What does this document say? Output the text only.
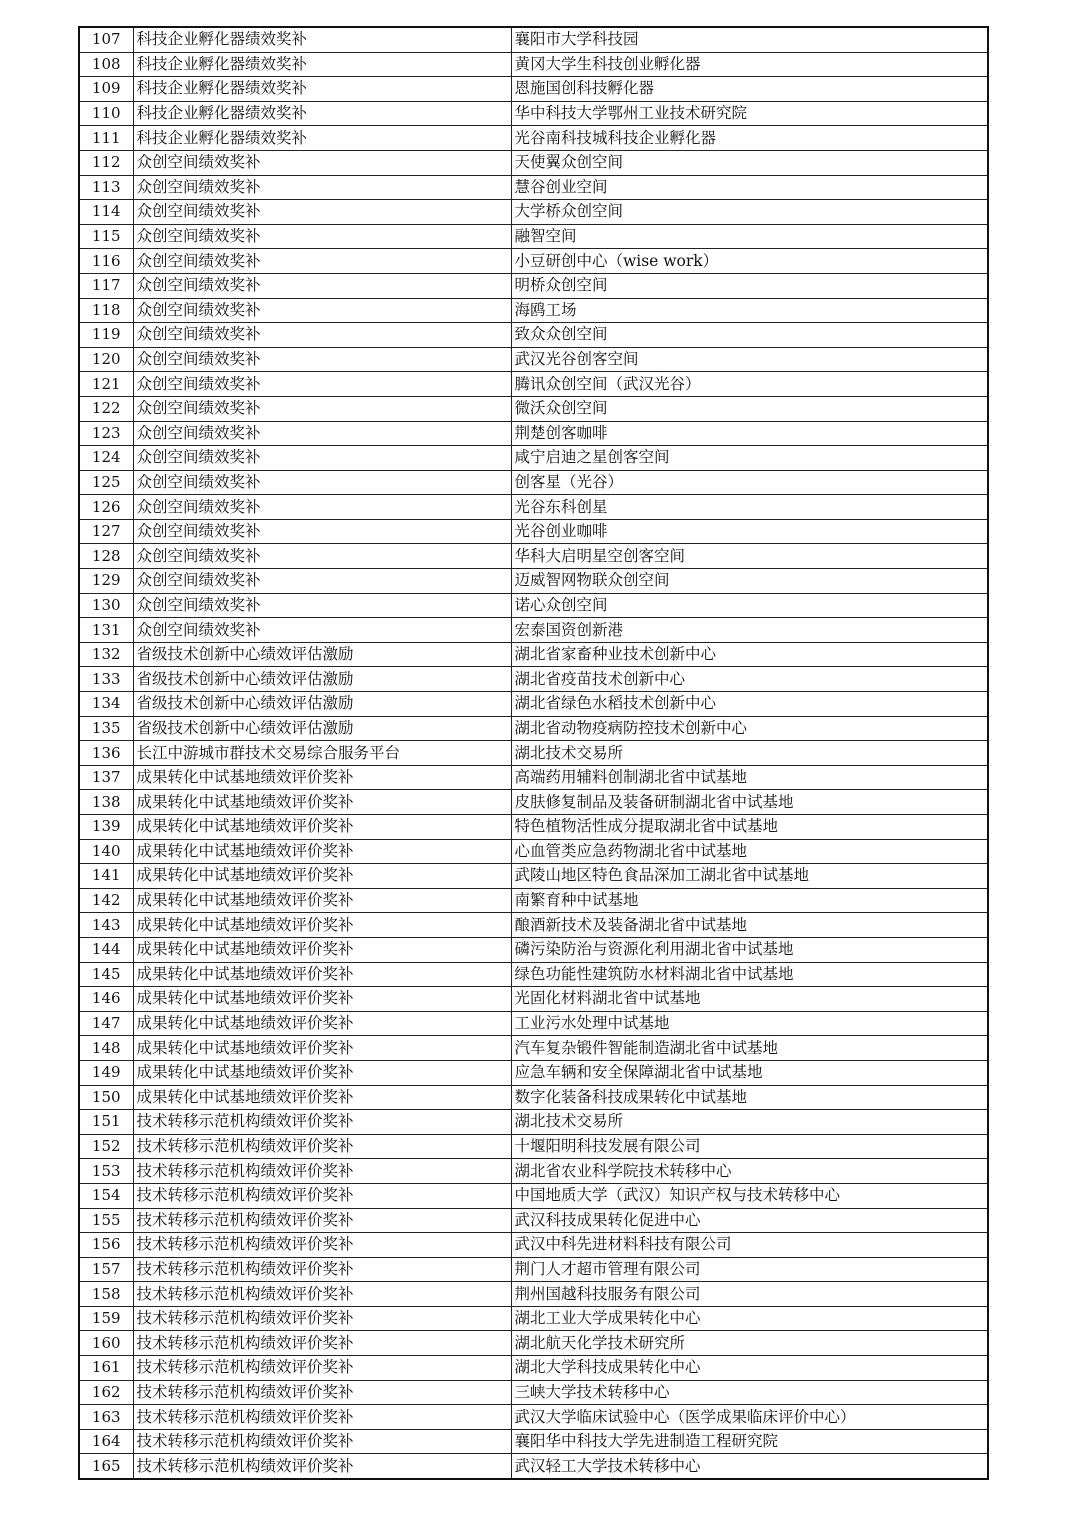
107	科技企业孵化器绩效奖补	襄阳市大学科技园
108	科技企业孵化器绩效奖补	黄冈大学生科技创业孵化器
109	科技企业孵化器绩效奖补	恩施国创科技孵化器
110	科技企业孵化器绩效奖补	华中科技大学鄂州工业技术研究院
111	科技企业孵化器绩效奖补	光谷南科技城科技企业孵化器
112	众创空间绩效奖补	天使翼众创空间
113	众创空间绩效奖补	慧谷创业空间
114	众创空间绩效奖补	大学桥众创空间
115	众创空间绩效奖补	融智空间
116	众创空间绩效奖补	小豆研创中心（wise work）
117	众创空间绩效奖补	明桥众创空间
118	众创空间绩效奖补	海鸥工场
119	众创空间绩效奖补	致众众创空间
120	众创空间绩效奖补	武汉光谷创客空间
121	众创空间绩效奖补	腾讯众创空间（武汉光谷）
122	众创空间绩效奖补	微沃众创空间
123	众创空间绩效奖补	荆楚创客咖啡
124	众创空间绩效奖补	咸宁启迪之星创客空间
125	众创空间绩效奖补	创客星（光谷）
126	众创空间绩效奖补	光谷东科创星
127	众创空间绩效奖补	光谷创业咖啡
128	众创空间绩效奖补	华科大启明星空创客空间
129	众创空间绩效奖补	迈威智网物联众创空间
130	众创空间绩效奖补	诺心众创空间
131	众创空间绩效奖补	宏泰国资创新港
132	省级技术创新中心绩效评估激励	湖北省家畜种业技术创新中心
133	省级技术创新中心绩效评估激励	湖北省疫苗技术创新中心
134	省级技术创新中心绩效评估激励	湖北省绿色水稻技术创新中心
135	省级技术创新中心绩效评估激励	湖北省动物疫病防控技术创新中心
136	长江中游城市群技术交易综合服务平台	湖北技术交易所
137	成果转化中试基地绩效评价奖补	高端药用辅料创制湖北省中试基地
138	成果转化中试基地绩效评价奖补	皮肤修复制品及装备研制湖北省中试基地
139	成果转化中试基地绩效评价奖补	特色植物活性成分提取湖北省中试基地
140	成果转化中试基地绩效评价奖补	心血管类应急药物湖北省中试基地
141	成果转化中试基地绩效评价奖补	武陵山地区特色食品深加工湖北省中试基地
142	成果转化中试基地绩效评价奖补	南繁育种中试基地
143	成果转化中试基地绩效评价奖补	酿酒新技术及装备湖北省中试基地
144	成果转化中试基地绩效评价奖补	磷污染防治与资源化利用湖北省中试基地
145	成果转化中试基地绩效评价奖补	绿色功能性建筑防水材料湖北省中试基地
146	成果转化中试基地绩效评价奖补	光固化材料湖北省中试基地
147	成果转化中试基地绩效评价奖补	工业污水处理中试基地
148	成果转化中试基地绩效评价奖补	汽车复杂锻件智能制造湖北省中试基地
149	成果转化中试基地绩效评价奖补	应急车辆和安全保障湖北省中试基地
150	成果转化中试基地绩效评价奖补	数字化装备科技成果转化中试基地
151	技术转移示范机构绩效评价奖补	湖北技术交易所
152	技术转移示范机构绩效评价奖补	十堰阳明科技发展有限公司
153	技术转移示范机构绩效评价奖补	湖北省农业科学院技术转移中心
154	技术转移示范机构绩效评价奖补	中国地质大学（武汉）知识产权与技术转移中心
155	技术转移示范机构绩效评价奖补	武汉科技成果转化促进中心
156	技术转移示范机构绩效评价奖补	武汉中科先进材料科技有限公司
157	技术转移示范机构绩效评价奖补	荆门人才超市管理有限公司
158	技术转移示范机构绩效评价奖补	荆州国越科技服务有限公司
159	技术转移示范机构绩效评价奖补	湖北工业大学成果转化中心
160	技术转移示范机构绩效评价奖补	湖北航天化学技术研究所
161	技术转移示范机构绩效评价奖补	湖北大学科技成果转化中心
162	技术转移示范机构绩效评价奖补	三峡大学技术转移中心
163	技术转移示范机构绩效评价奖补	武汉大学临床试验中心（医学成果临床评价中心）
164	技术转移示范机构绩效评价奖补	襄阳华中科技大学先进制造工程研究院
165	技术转移示范机构绩效评价奖补	武汉轻工大学技术转移中心
